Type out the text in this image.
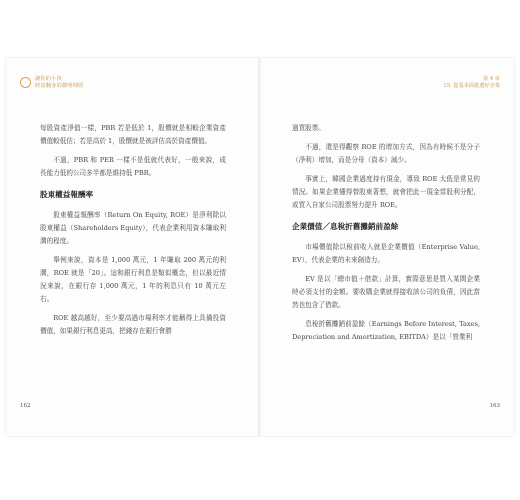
讓你的小孩
財富翻身的聰明理財

每股資產淨值一樣，PBR 若是低於 1，股價就是相較企業資產價值較低估；若是高於 1，股價就是被評估高於資產價值。

不過，PBR 和 PER 一樣不是低就代表好，一般來說，成長能力低的公司多半都是維持低 PBR。

股東權益報酬率

股東權益報酬率（Return On Equity, ROE）是淨利除以股東權益（Shareholders Equity），代表企業利用資本賺取利潤的程度。

舉例來說，資本是 1,000 萬元，1 年賺取 200 萬元的利潤，ROE 就是「20」。這和銀行利息是類似概念，但以最近情況來說，在銀行存 1,000 萬元，1 年的利息只有 10 萬元左右。

ROE 越高越好，至少要高過市場利率才能稱得上具備投資價值，如果銀行利息更高，把錢存在銀行會勝

162
第 4 章
15. 從基本面挑選好企業

過買股票。

不過，還是得觀察 ROE 的增加方式，因為有時候不是分子（淨利）增加，而是分母（資本）減少。

事實上，韓國企業過度持有現金，導致 ROE 太低是常見的情況。如果企業懂得替股東著想，就會把此一現金當股利分配，或買入自家公司股票努力提升 ROE。

企業價值／息稅折舊攤銷前盈餘

市場價值除以稅前收入就是企業價值（Enterprise Value, EV），代表企業的未來創造力。

EV 是以「總市值＋借款」計算，實際意思是買入某間企業時必須支付的金額。要收購企業就得接收該公司的負債，因此當然也包含了借款。

息稅折舊攤銷前盈餘（Earnings Before Interest, Taxes, Depreciation and Amortization, EBITDA）是以「營業利

163
